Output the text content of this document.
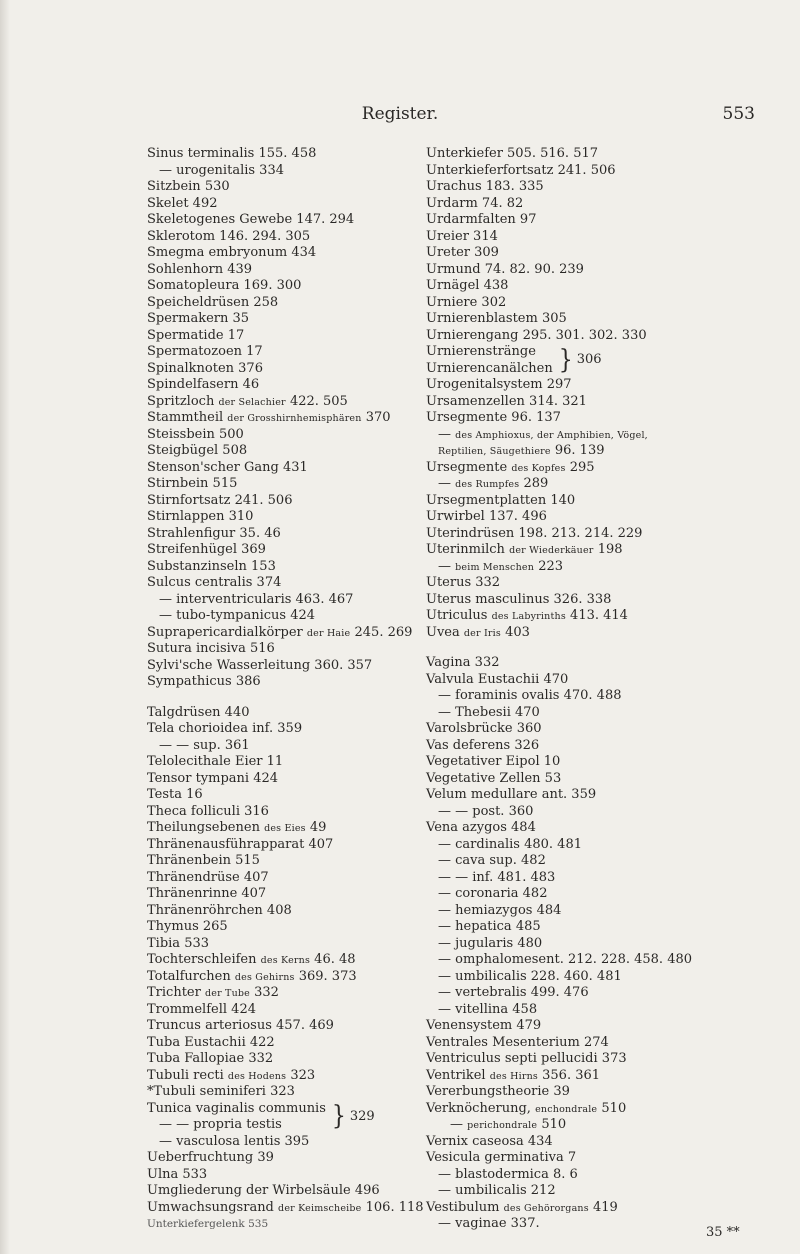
Register.	553
Sinus terminalis 155. 458
— urogenitalis 334
Sitzbein 530
Skelet 492
Skeletogenes Gewebe 147. 294
Sklerotom 146. 294. 305
Smegma embryonum 434
Sohlenhorn 439
Somatopleura 169. 300
Speicheldrüsen 258
Spermakern 35
Spermatide 17
Spermatozoen 17
Spinalknoten 376
Spindelfasern 46
Spritzloch der Selachier 422. 505
Stammtheil der Grosshirnhemisphären 370
Steissbein 500
Steigbügel 508
Stenson'scher Gang 431
Stirnbein 515
Stirnfortsatz 241. 506
Stirnlappen 310
Strahlenfigur 35. 46
Streifenhügel 369
Substanzinseln 153
Sulcus centralis 374
— interventricularis 463. 467
— tubo-tympanicus 424
Suprapericardialkörper der Haie 245. 269
Sutura incisiva 516
Sylvi'sche Wasserleitung 360. 357
Sympathicus 386
Talgdrüsen 440
Tela chorioidea inf. 359
— — sup. 361
Telolecithale Eier 11
Tensor tympani 424
Testa 16
Theca folliculi 316
Theilungsebenen des Eies 49
Thränenausführapparat 407
Thränenbein 515
Thränendrüse 407
Thränenrinne 407
Thränenröhrchen 408
Thymus 265
Tibia 533
Tochterschleifen des Kerns 46. 48
Totalfurchen des Gehirns 369. 373
Trichter der Tube 332
Trommelfell 424
Truncus arteriosus 457. 469
Tuba Eustachii 422
Tuba Fallopiae 332
Tubuli recti des Hodens 323
*Tubuli seminiferi 323
Tunica vaginalis communis
— — propria testis	} 329
— vasculosa lentis 395
Ueberfruchtung 39
Ulna 533
Umgliederung der Wirbelsäule 496
Umwachsungsrand der Keimscheibe 106. 118
Unterkiefergelenk 535
Unterkiefer 505. 516. 517
Unterkieferfortsatz 241. 506
Urachus 183. 335
Urdarm 74. 82
Urdarmfalten 97
Ureier 314
Ureter 309
Urmund 74. 82. 90. 239
Urnägel 438
Urniere 302
Urnierenblastem 305
Urnierengang 295. 301. 302. 330
Urnierenstränge
Urnierencanälchen } 306
Urogenitalsystem 297
Ursamenzellen 314. 321
Ursegmente 96. 137
— des Amphioxus, der Amphibien, Vögel,
Reptilien, Säugethiere 96. 139
Ursegmente des Kopfes 295
— des Rumpfes 289
Ursegmentplatten 140
Urwirbel 137. 496
Uterindrüsen 198. 213. 214. 229
Uterinmilch der Wiederkäuer 198
— beim Menschen 223
Uterus 332
Uterus masculinus 326. 338
Utriculus des Labyrinths 413. 414
Uvea der Iris 403
Vagina 332
Valvula Eustachii 470
— foraminis ovalis 470. 488
— Thebesii 470
Varolsbrücke 360
Vas deferens 326
Vegetativer Eipol 10
Vegetative Zellen 53
Velum medullare ant. 359
— — post. 360
Vena azygos 484
— cardinalis 480. 481
— cava sup. 482
— — inf. 481. 483
— coronaria 482
— hemiazygos 484
— hepatica 485
— jugularis 480
— omphalomesent. 212. 228. 458. 480
— umbilicalis 228. 460. 481
— vertebralis 499. 476
— vitellina 458
Venensystem 479
Ventrales Mesenterium 274
Ventriculus septi pellucidi 373
Ventrikel des Hirns 356. 361
Vererbungstheorie 39
Verknöcherung, enchondrale 510
— perichondrale 510
Vernix caseosa 434
Vesicula germinativa 7
— blastodermica 8. 6
— umbilicalis 212
Vestibulum des Gehörorgans 419
— vaginae 337.
35 **
